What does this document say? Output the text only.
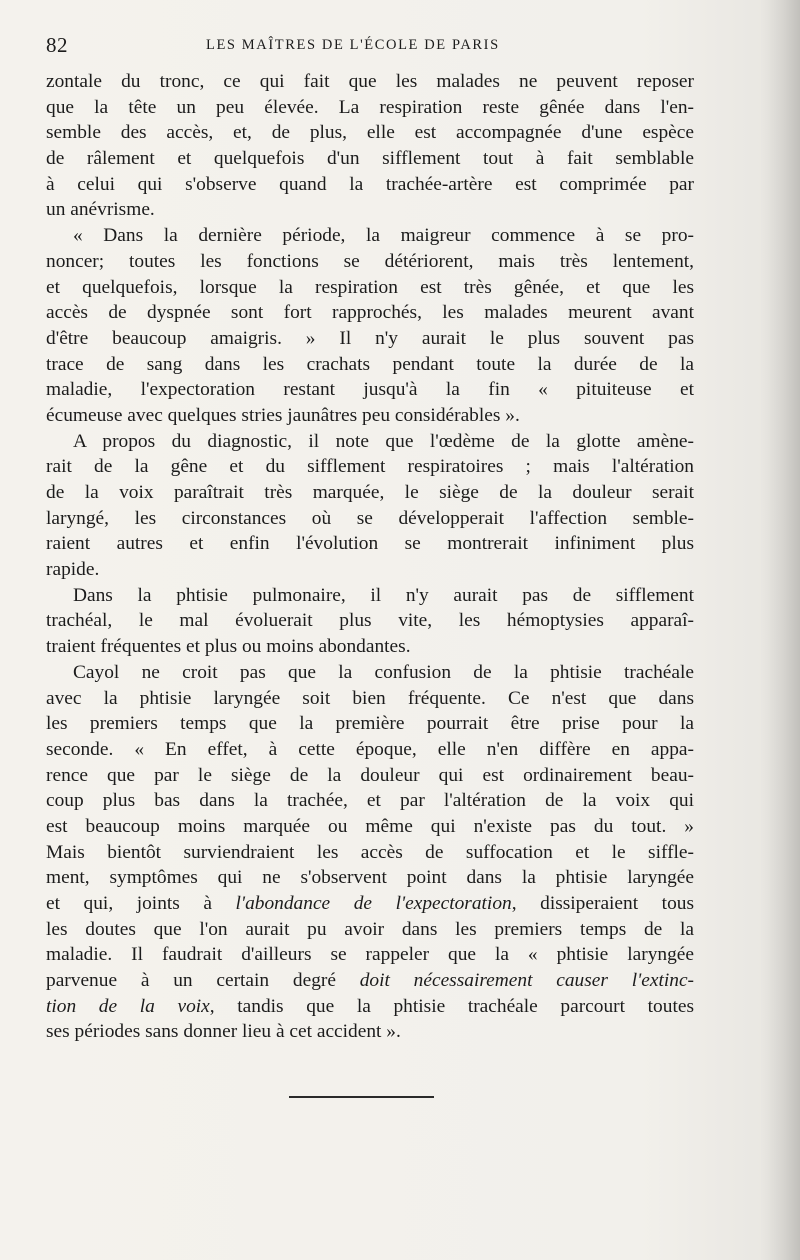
82	LES MAÎTRES DE L'ÉCOLE DE PARIS
zontale du tronc, ce qui fait que les malades ne peuvent reposer
que la tête un peu élevée. La respiration reste gênée dans l'en-
semble des accès, et, de plus, elle est accompagnée d'une espèce
de râlement et quelquefois d'un sifflement tout à fait semblable
à celui qui s'observe quand la trachée-artère est comprimée par
un anévrisme.
« Dans la dernière période, la maigreur commence à se pro-
noncer; toutes les fonctions se détériorent, mais très lentement,
et quelquefois, lorsque la respiration est très gênée, et que les
accès de dyspnée sont fort rapprochés, les malades meurent avant
d'être beaucoup amaigris. » Il n'y aurait le plus souvent pas
trace de sang dans les crachats pendant toute la durée de la
maladie, l'expectoration restant jusqu'à la fin « pituiteuse et
écumeuse avec quelques stries jaunâtres peu considérables ».
A propos du diagnostic, il note que l'œdème de la glotte amène-
rait de la gêne et du sifflement respiratoires ; mais l'altération
de la voix paraîtrait très marquée, le siège de la douleur serait
laryngé, les circonstances où se développerait l'affection semble-
raient autres et enfin l'évolution se montrerait infiniment plus
rapide.
Dans la phtisie pulmonaire, il n'y aurait pas de sifflement
trachéal, le mal évoluerait plus vite, les hémoptysies apparaî-
traient fréquentes et plus ou moins abondantes.
Cayol ne croit pas que la confusion de la phtisie trachéale
avec la phtisie laryngée soit bien fréquente. Ce n'est que dans
les premiers temps que la première pourrait être prise pour la
seconde. « En effet, à cette époque, elle n'en diffère en appa-
rence que par le siège de la douleur qui est ordinairement beau-
coup plus bas dans la trachée, et par l'altération de la voix qui
est beaucoup moins marquée ou même qui n'existe pas du tout. »
Mais bientôt surviendraient les accès de suffocation et le siffle-
ment, symptômes qui ne s'observent point dans la phtisie laryngée
et qui, joints à l'abondance de l'expectoration, dissiperaient tous
les doutes que l'on aurait pu avoir dans les premiers temps de la
maladie. Il faudrait d'ailleurs se rappeler que la « phtisie laryngée
parvenue à un certain degré doit nécessairement causer l'extinc-
tion de la voix, tandis que la phtisie trachéale parcourt toutes
ses périodes sans donner lieu à cet accident ».
